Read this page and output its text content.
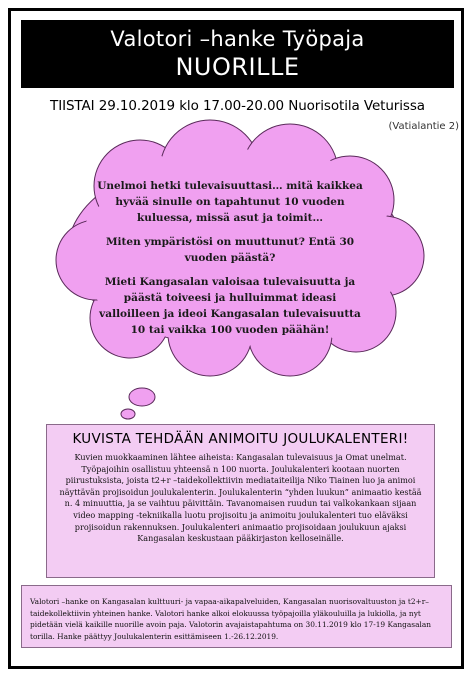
Valotori –hanke Työpaja
NUORILLE
TIISTAI 29.10.2019 klo 17.00-20.00 Nuorisotila Veturissa
(Vatialantie 2)

Unelmoi hetki tulevaisuuttasi… mitä kaikkea hyvää sinulle on tapahtunut 10 vuoden kuluessa, missä asut ja toimit…

Miten ympäristösi on muuttunut? Entä 30 vuoden päästä?

Mieti Kangasalan valoisaa tulevaisuutta ja päästä toiveesi ja hulluimmat ideasi valloilleen ja ideoi Kangasalan tulevaisuutta 10 tai vaikka 100 vuoden päähän!

KUVISTA TEHDÄÄN ANIMOITU JOULUKALENTERI!
Kuvien muokkaaminen lähtee aiheista: Kangasalan tulevaisuus ja Omat unelmat. Työpajoihin osallistuu yhteensä n 100 nuorta. Joulukalenteri kootaan nuorten piirustuksista, joista t2+r –taidekollektiivin mediataiteilija Niko Tiainen luo ja animoi näyttävän projisoidun joulukalenterin. Joulukalenterin “yhden luukun” animaatio kestää n. 4 minuuttia, ja se vaihtuu päivittäin. Tavanomaisen ruudun tai valkokankaan sijaan video mapping -tekniikalla luotu projisoitu ja animoitu joulukalenteri tuo eläväksi projisoidun rakennuksen. Joulukalenteri animaatio projisoidaan joulukuun ajaksi Kangasalan keskustaan pääkirjaston kelloseinälle.
Valotori –hanke on Kangasalan kulttuuri- ja vapaa-aikapalveluiden, Kangasalan nuorisovaltuuston ja t2+r–taidekollektiivin yhteinen hanke. Valotori hanke alkoi elokuussa työpajoilla yläkouluilla ja lukiolla, ja nyt pidetään vielä kaikille nuorille avoin paja. Valotorin avajaistapahtuma on 30.11.2019 klo 17-19 Kangasalan torilla. Hanke päättyy Joulukalenterin esittämiseen 1.-26.12.2019.
